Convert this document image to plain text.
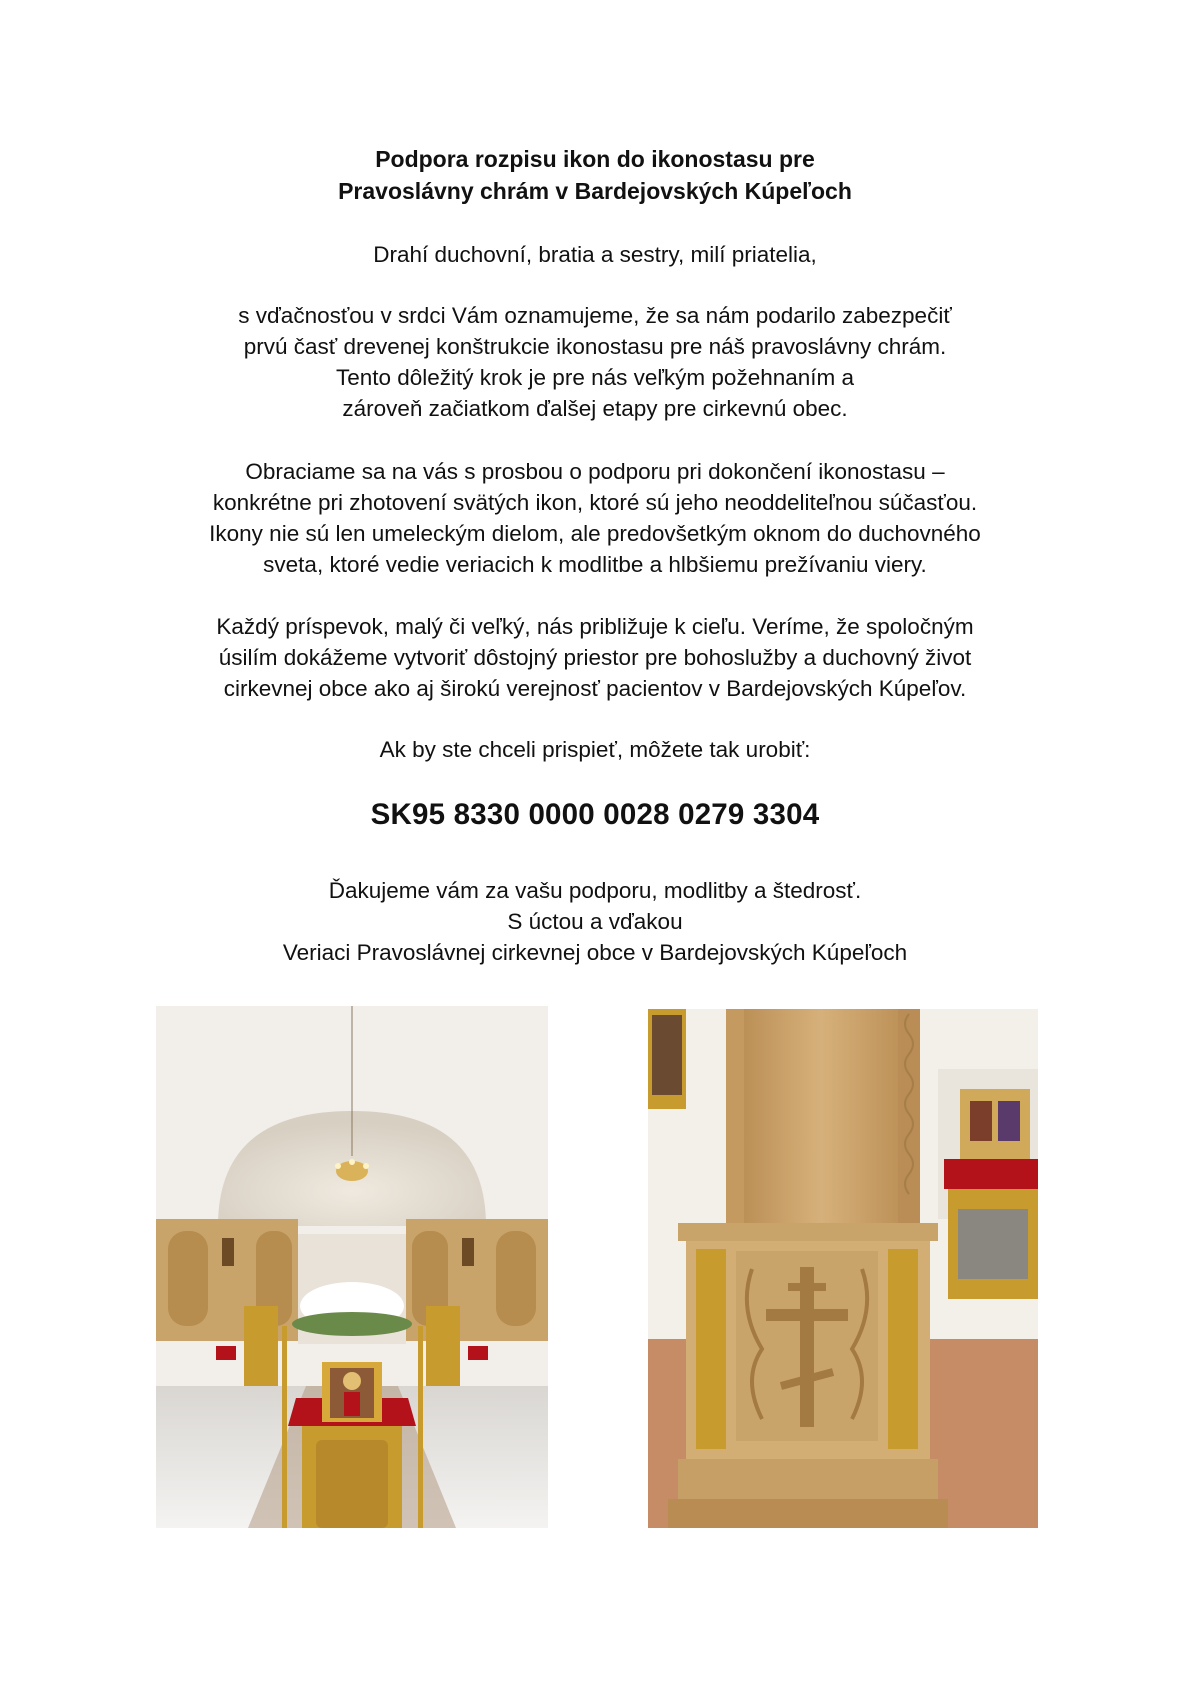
Podpora rozpisu ikon do ikonostasu pre
Pravoslávny chrám v Bardejovských Kúpeľoch
Drahí duchovní, bratia a sestry, milí priatelia,
s vďačnosťou v srdci Vám oznamujeme, že sa nám podarilo zabezpečiť
prvú časť drevenej konštrukcie ikonostasu pre náš pravoslávny chrám.
Tento dôležitý krok je pre nás veľkým požehnaním a
zároveň začiatkom ďalšej etapy pre cirkevnú obec.
Obraciame sa na vás s prosbou o podporu pri dokončení ikonostasu –
konkrétne pri zhotovení svätých ikon, ktoré sú jeho neoddeliteľnou súčasťou.
Ikony nie sú len umeleckým dielom, ale predovšetkým oknom do duchovného
sveta, ktoré vedie veriacich k modlitbe a hlbšiemu prežívaniu viery.
Každý príspevok, malý či veľký, nás približuje k cieľu. Veríme, že spoločným
úsilím dokážeme vytvoriť dôstojný priestor pre bohoslužby a duchovný život
cirkevnej obce ako aj širokú verejnosť pacientov v Bardejovských Kúpeľov.
Ak by ste chceli prispieť, môžete tak urobiť:
SK95 8330 0000 0028 0279 3304
Ďakujeme vám za vašu podporu, modlitby a štedrosť.
S úctou a vďakou
Veriaci Pravoslávnej cirkevnej obce v Bardejovských Kúpeľoch
